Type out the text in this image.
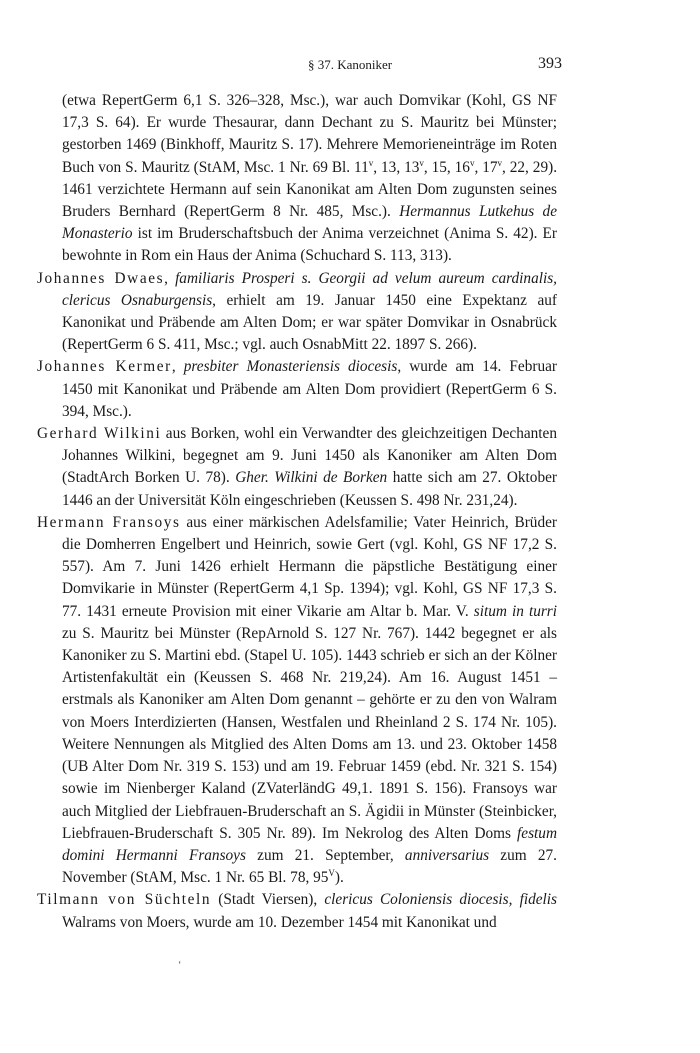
§ 37. Kanoniker	393
(etwa RepertGerm 6,1 S. 326–328, Msc.), war auch Domvikar (Kohl, GS NF 17,3 S. 64). Er wurde Thesaurar, dann Dechant zu S. Mauritz bei Münster; gestorben 1469 (Binkhoff, Mauritz S. 17). Mehrere Memorieneinträge im Roten Buch von S. Mauritz (StAM, Msc. 1 Nr. 69 Bl. 11$^v$, 13, 13$^v$, 15, 16$^v$, 17$^v$, 22, 29). 1461 verzichtete Hermann auf sein Kanonikat am Alten Dom zugunsten seines Bruders Bernhard (RepertGerm 8 Nr. 485, Msc.). Hermannus Lutkehus de Monasterio ist im Bruderschaftsbuch der Anima verzeichnet (Anima S. 42). Er bewohnte in Rom ein Haus der Anima (Schuchard S. 113, 313).
Johannes Dwaes, familiaris Prosperi s. Georgii ad velum aureum cardinalis, clericus Osnaburgensis, erhielt am 19. Januar 1450 eine Expektanz auf Kanonikat und Präbende am Alten Dom; er war später Domvikar in Osnabrück (RepertGerm 6 S. 411, Msc.; vgl. auch OsnabMitt 22. 1897 S. 266).
Johannes Kermer, presbiter Monasteriensis diocesis, wurde am 14. Februar 1450 mit Kanonikat und Präbende am Alten Dom providiert (RepertGerm 6 S. 394, Msc.).
Gerhard Wilkini aus Borken, wohl ein Verwandter des gleichzeitigen Dechanten Johannes Wilkini, begegnet am 9. Juni 1450 als Kanoniker am Alten Dom (StadtArch Borken U. 78). Gher. Wilkini de Borken hatte sich am 27. Oktober 1446 an der Universität Köln eingeschrieben (Keussen S. 498 Nr. 231,24).
Hermann Fransoys aus einer märkischen Adelsfamilie; Vater Heinrich, Brüder die Domherren Engelbert und Heinrich, sowie Gert (vgl. Kohl, GS NF 17,2 S. 557). Am 7. Juni 1426 erhielt Hermann die päpstliche Bestätigung einer Domvikarie in Münster (RepertGerm 4,1 Sp. 1394); vgl. Kohl, GS NF 17,3 S. 77. 1431 erneute Provision mit einer Vikarie am Altar b. Mar. V. situm in turri zu S. Mauritz bei Münster (RepArnold S. 127 Nr. 767). 1442 begegnet er als Kanoniker zu S. Martini ebd. (Stapel U. 105). 1443 schrieb er sich an der Kölner Artistenfakultät ein (Keussen S. 468 Nr. 219,24). Am 16. August 1451 – erstmals als Kanoniker am Alten Dom genannt – gehörte er zu den von Walram von Moers Interdizierten (Hansen, Westfalen und Rheinland 2 S. 174 Nr. 105). Weitere Nennungen als Mitglied des Alten Doms am 13. und 23. Oktober 1458 (UB Alter Dom Nr. 319 S. 153) und am 19. Februar 1459 (ebd. Nr. 321 S. 154) sowie im Nienberger Kaland (ZVaterländG 49,1. 1891 S. 156). Fransoys war auch Mitglied der Liebfrauen-Bruderschaft an S. Ägidii in Münster (Steinbicker, Liebfrauen-Bruderschaft S. 305 Nr. 89). Im Nekrolog des Alten Doms festum domini Hermanni Fransoys zum 21. September, anniversarius zum 27. November (StAM, Msc. 1 Nr. 65 Bl. 78, $95^V$).
Tilmann von Süchteln (Stadt Viersen), clericus Coloniensis diocesis, fidelis Walrams von Moers, wurde am 10. Dezember 1454 mit Kanonikat und
‘
